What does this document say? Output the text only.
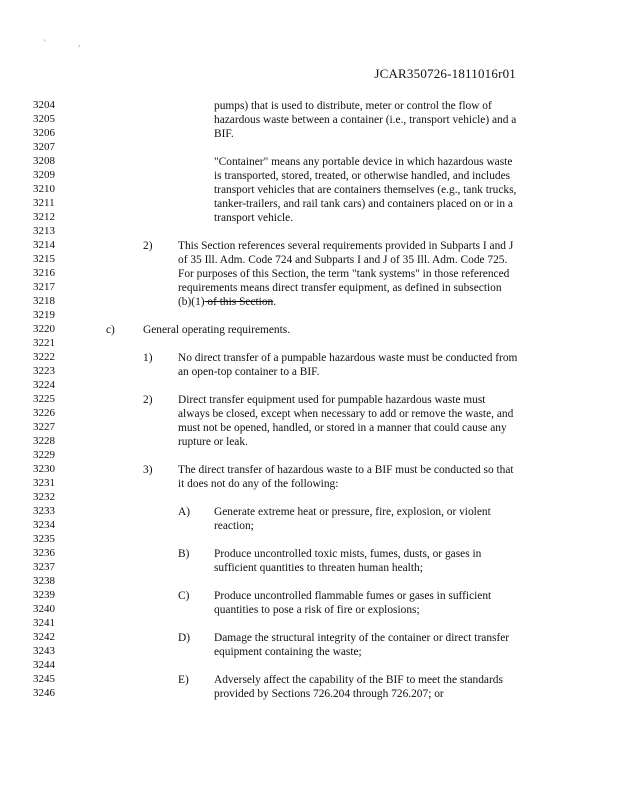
'	,
JCAR350726-1811016r01
3204
3205
3206
3207
3208
3209
3210
3211
3212
3213
3214
3215
3216
3217
3218
3219
3220
3221
3222
3223
3224
3225
3226
3227
3228
3229
3230
3231
3232
3233
3234
3235
3236
3237
3238
3239
3240
3241
3242
3243
3244
3245
3246
pumps) that is used to distribute, meter or control the flow of
hazardous waste between a container (i.e., transport vehicle) and a
BIF.
"Container" means any portable device in which hazardous waste
is transported, stored, treated, or otherwise handled, and includes
transport vehicles that are containers themselves (e.g., tank trucks,
tanker-trailers, and rail tank cars) and containers placed on or in a
transport vehicle.
2) This Section references several requirements provided in Subparts I and J
of 35 Ill. Adm. Code 724 and Subparts I and J of 35 Ill. Adm. Code 725.
For purposes of this Section, the term "tank systems" in those referenced
requirements means direct transfer equipment, as defined in subsection
(b)(1) of this Section.
c) General operating requirements.
1) No direct transfer of a pumpable hazardous waste must be conducted from
an open-top container to a BIF.
2) Direct transfer equipment used for pumpable hazardous waste must
always be closed, except when necessary to add or remove the waste, and
must not be opened, handled, or stored in a manner that could cause any
rupture or leak.
3) The direct transfer of hazardous waste to a BIF must be conducted so that
it does not do any of the following:
A) Generate extreme heat or pressure, fire, explosion, or violent
reaction;
B) Produce uncontrolled toxic mists, fumes, dusts, or gases in
sufficient quantities to threaten human health;
C) Produce uncontrolled flammable fumes or gases in sufficient
quantities to pose a risk of fire or explosions;
D) Damage the structural integrity of the container or direct transfer
equipment containing the waste;
E) Adversely affect the capability of the BIF to meet the standards
provided by Sections 726.204 through 726.207; or
